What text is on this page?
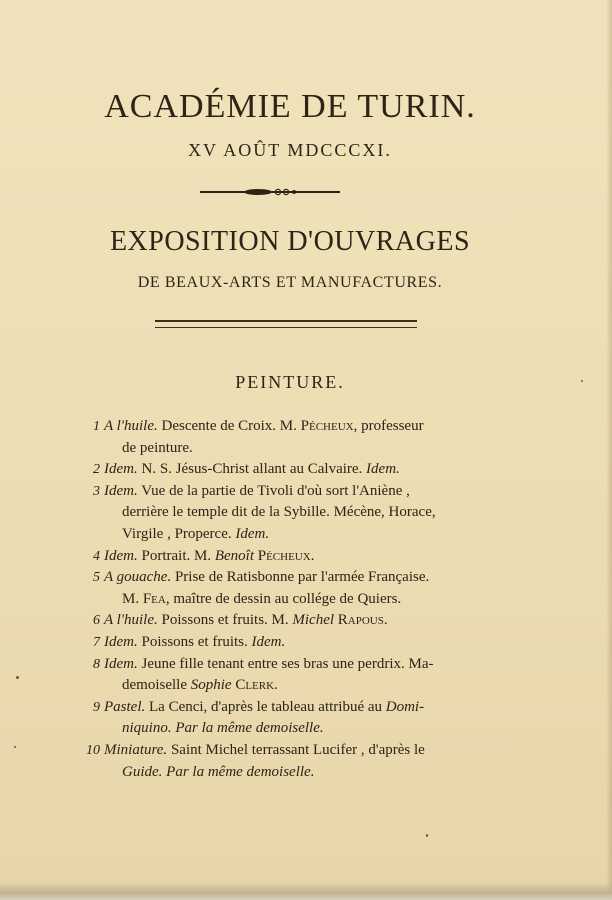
ACADÉMIE DE TURIN.
XV AOÛT MDCCCXI.
EXPOSITION D'OUVRAGES
DE BEAUX-ARTS ET MANUFACTURES.
PEINTURE.
1 A l'huile. Descente de Croix. M. Pécheux, professeur
de peinture.
2 Idem. N. S. Jésus-Christ allant au Calvaire. Idem.
3 Idem. Vue de la partie de Tivoli d'où sort l'Aniène ,
derrière le temple dit de la Sybille. Mécène, Horace,
Virgile , Properce. Idem.
4 Idem. Portrait. M. Benoît Pécheux.
5 A gouache. Prise de Ratisbonne par l'armée Française.
M. Fea, maître de dessin au collége de Quiers.
6 A l'huile. Poissons et fruits. M. Michel Rapous.
7 Idem. Poissons et fruits. Idem.
8 Idem. Jeune fille tenant entre ses bras une perdrix. Ma-
demoiselle Sophie Clerk.
9 Pastel. La Cenci, d'après le tableau attribué au Domi-
niquino. Par la même demoiselle.
10 Miniature. Saint Michel terrassant Lucifer , d'après le
Guide. Par la même demoiselle.
